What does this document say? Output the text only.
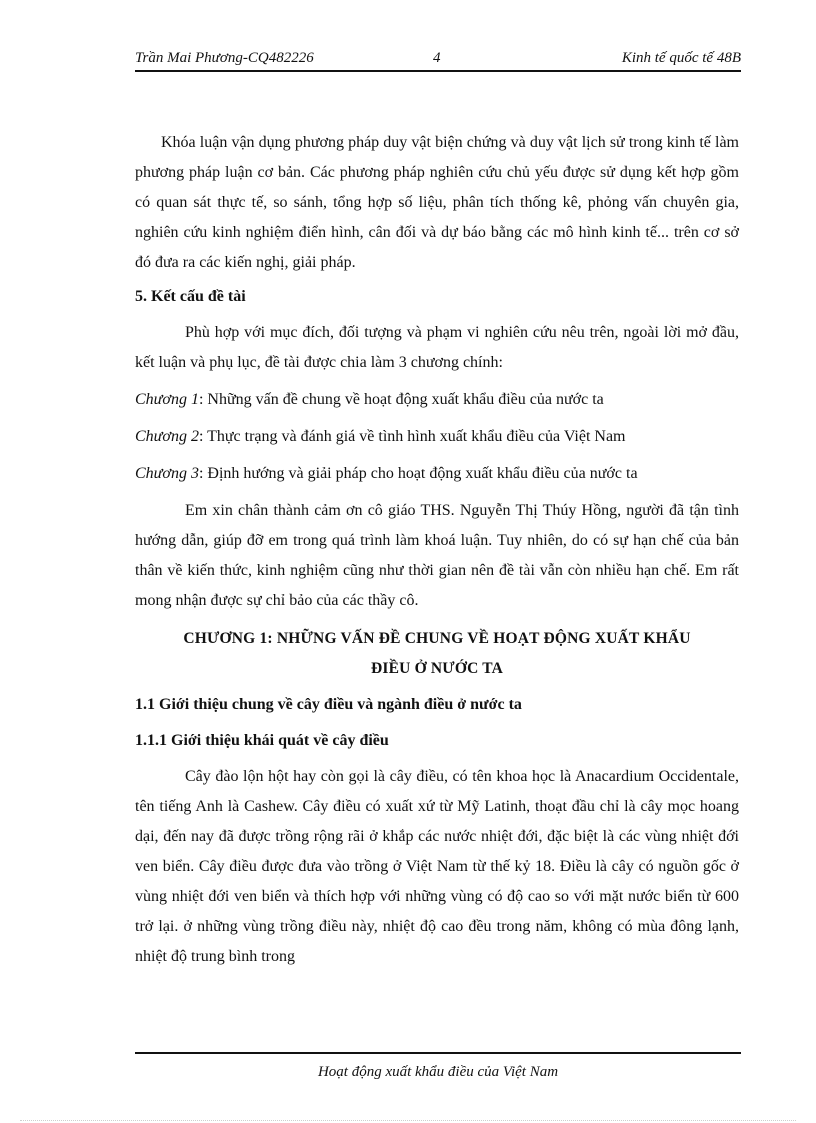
Trần Mai Phương-CQ482226	4	Kinh tế quốc tế 48B

Khóa luận vận dụng phương pháp duy vật biện chứng và duy vật lịch sử trong kinh tế làm phương pháp luận cơ bản. Các phương pháp nghiên cứu chủ yếu được sử dụng kết hợp gồm có quan sát thực tế, so sánh, tổng hợp số liệu, phân tích thống kê, phỏng vấn chuyên gia, nghiên cứu kinh nghiệm điển hình, cân đối và dự báo bằng các mô hình kinh tế... trên cơ sở đó đưa ra các kiến nghị, giải pháp.

5. Kết cấu đề tài

Phù hợp với mục đích, đối tượng và phạm vi nghiên cứu nêu trên, ngoài lời mở đầu, kết luận và phụ lục, đề tài được chia làm 3 chương chính:

Chương 1: Những vấn đề chung về hoạt động xuất khẩu điều của nước ta

Chương 2: Thực trạng và đánh giá về tình hình xuất khẩu điều của Việt Nam

Chương 3: Định hướng và giải pháp cho hoạt động xuất khẩu điều của nước ta

Em xin chân thành cảm ơn cô giáo THS. Nguyễn Thị Thúy Hồng, người đã tận tình hướng dẫn, giúp đỡ em trong quá trình làm khoá luận. Tuy nhiên, do có sự hạn chế của bản thân về kiến thức, kinh nghiệm cũng như thời gian nên đề tài vẫn còn nhiều hạn chế. Em rất mong nhận được sự chỉ bảo của các thầy cô.

CHƯƠNG 1: NHỮNG VẤN ĐỀ CHUNG VỀ HOẠT ĐỘNG XUẤT KHẨU
ĐIỀU Ở NƯỚC TA
1.1 Giới thiệu chung về cây điều và ngành điều ở nước ta
1.1.1 Giới thiệu khái quát về cây điều

Cây đào lộn hột hay còn gọi là cây điều, có tên khoa học là Anacardium Occidentale, tên tiếng Anh là Cashew. Cây điều có xuất xứ từ Mỹ Latinh, thoạt đầu chỉ là cây mọc hoang dại, đến nay đã được trồng rộng rãi ở khắp các nước nhiệt đới, đặc biệt là các vùng nhiệt đới ven biển. Cây điều được đưa vào trồng ở Việt Nam từ thế kỷ 18. Điều là cây có nguồn gốc ở vùng nhiệt đới ven biển và thích hợp với những vùng có độ cao so với mặt nước biển từ 600 trở lại. ở những vùng trồng điều này, nhiệt độ cao đều trong năm, không có mùa đông lạnh, nhiệt độ trung bình trong

Hoạt động xuất khẩu điều của Việt Nam
